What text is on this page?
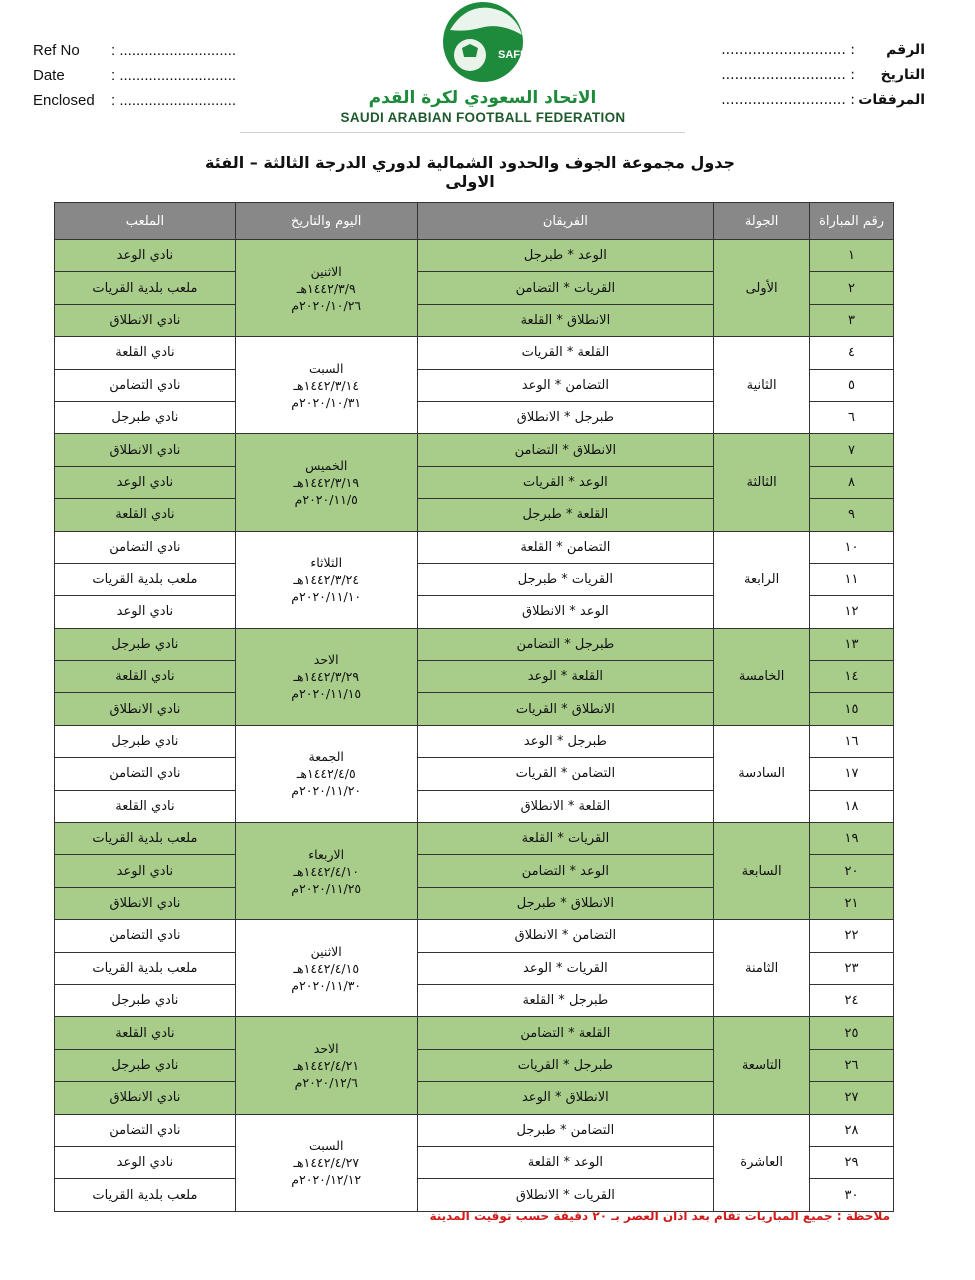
Ref No	: ............................
Date	: ............................
Enclosed	: ............................
الرقم
: ............................
التاريخ
: ............................
المرفقات
: ............................
SAFF
الاتحاد السعودي لكرة القدم
SAUDI ARABIAN FOOTBALL FEDERATION
جدول مجموعة الجوف والحدود الشمالية لدوري الدرجة الثالثة – الفئة الاولى
رقم المباراة	الجولة	الفريقان	اليوم والتاريخ	الملعب
١	الأولى	الوعد * طبرجل	الاثنين
١٤٤٢/٣/٩هـ
٢٠٢٠/١٠/٢٦م	نادي الوعد
٢		القريات * التضامن		ملعب بلدية القريات
٣		الانطلاق * القلعة		نادي الانطلاق
٤	الثانية	القلعة * القريات	السبت
١٤٤٢/٣/١٤هـ
٢٠٢٠/١٠/٣١م	نادي القلعة
٥		التضامن * الوعد		نادي التضامن
٦		طبرجل * الانطلاق		نادي طبرجل
٧	الثالثة	الانطلاق * التضامن	الخميس
١٤٤٢/٣/١٩هـ
٢٠٢٠/١١/٥م	نادي الانطلاق
٨		الوعد * القريات		نادي الوعد
٩		القلعة * طبرجل		نادي القلعة
١٠	الرابعة	التضامن * القلعة	الثلاثاء
١٤٤٢/٣/٢٤هـ
٢٠٢٠/١١/١٠م	نادي التضامن
١١		القريات * طبرجل		ملعب بلدية القريات
١٢		الوعد * الانطلاق		نادي الوعد
١٣	الخامسة	طبرجل * التضامن	الاحد
١٤٤٢/٣/٢٩هـ
٢٠٢٠/١١/١٥م	نادي طبرجل
١٤		القلعة * الوعد		نادي القلعة
١٥		الانطلاق * القريات		نادي الانطلاق
١٦	السادسة	طبرجل * الوعد	الجمعة
١٤٤٢/٤/٥هـ
٢٠٢٠/١١/٢٠م	نادي طبرجل
١٧		التضامن * القريات		نادي التضامن
١٨		القلعة * الانطلاق		نادي القلعة
١٩	السابعة	القريات * القلعة	الاربعاء
١٤٤٢/٤/١٠هـ
٢٠٢٠/١١/٢٥م	ملعب بلدية القريات
٢٠		الوعد * التضامن		نادي الوعد
٢١		الانطلاق * طبرجل		نادي الانطلاق
٢٢	الثامنة	التضامن * الانطلاق	الاثنين
١٤٤٢/٤/١٥هـ
٢٠٢٠/١١/٣٠م	نادي التضامن
٢٣		القريات * الوعد		ملعب بلدية القريات
٢٤		طبرجل * القلعة		نادي طبرجل
٢٥	التاسعة	القلعة * التضامن	الاحد
١٤٤٢/٤/٢١هـ
٢٠٢٠/١٢/٦م	نادي القلعة
٢٦		طبرجل * القريات		نادي طبرجل
٢٧		الانطلاق * الوعد		نادي الانطلاق
٢٨	العاشرة	التضامن * طبرجل	السبت
١٤٤٢/٤/٢٧هـ
٢٠٢٠/١٢/١٢م	نادي التضامن
٢٩		الوعد * القلعة		نادي الوعد
٣٠		القريات * الانطلاق		ملعب بلدية القريات
ملاحظة : جميع المباريات تقام بعد اذان العصر بـ ٢٠ دقيقة حسب توقيت المدينة
